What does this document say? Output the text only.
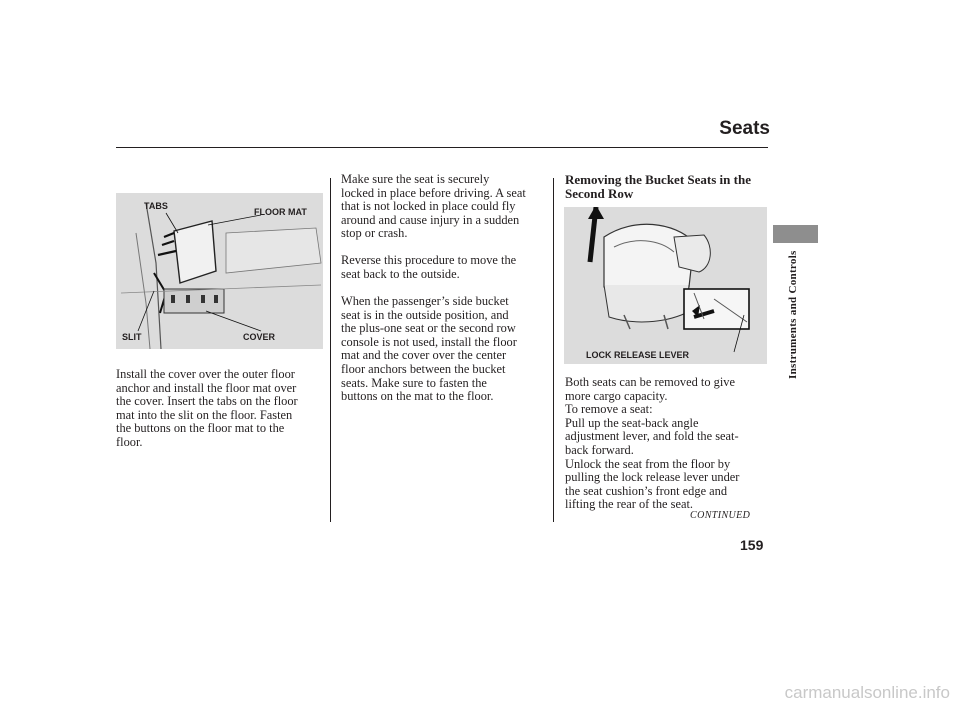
Seats
Instruments and Controls
TABS
FLOOR MAT
SLIT	COVER
Install the cover over the outer floor
anchor and install the floor mat over
the cover. Insert the tabs on the floor
mat into the slit on the floor. Fasten
the buttons on the floor mat to the
floor.
Make sure the seat is securely
locked in place before driving. A seat
that is not locked in place could fly
around and cause injury in a sudden
stop or crash.
Reverse this procedure to move the
seat back to the outside.
When the passenger’s side bucket
seat is in the outside position, and
the plus-one seat or the second row
console is not used, install the floor
mat and the cover over the center
floor anchors between the bucket
seats. Make sure to fasten the
buttons on the mat to the floor.
Removing the Bucket Seats in the
Second Row
LOCK RELEASE LEVER
Both seats can be removed to give
more cargo capacity.
To remove a seat:
Pull up the seat-back angle
adjustment lever, and fold the seat-
back forward.
Unlock the seat from the floor by
pulling the lock release lever under
the seat cushion’s front edge and
lifting the rear of the seat.
CONTINUED
159
carmanualsonline.info
